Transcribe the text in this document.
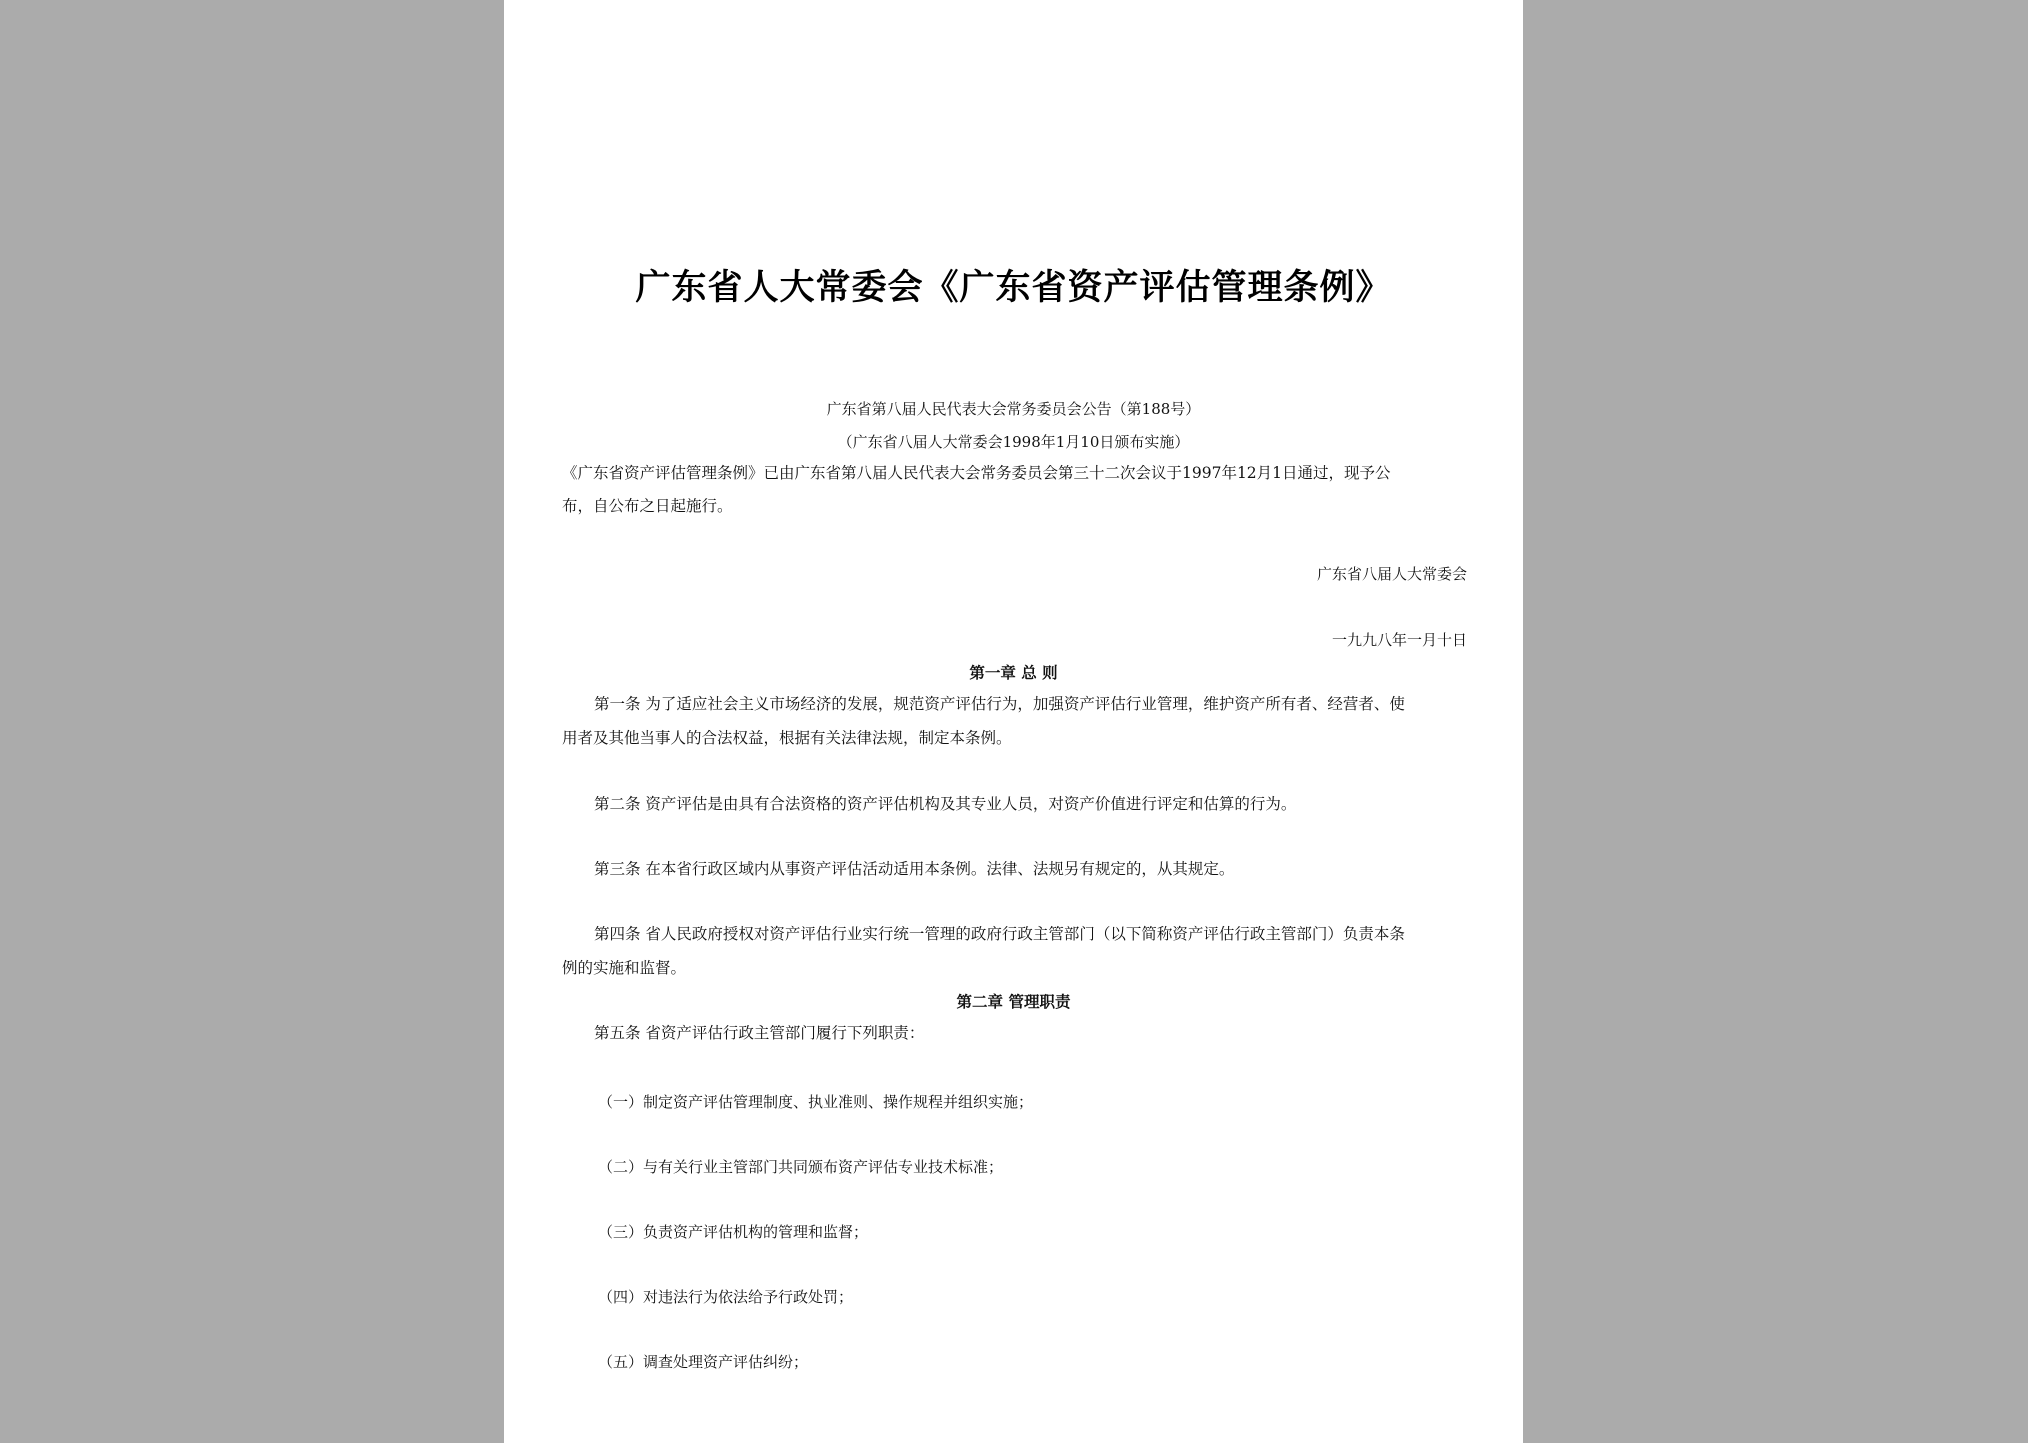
广东省人大常委会《广东省资产评估管理条例》

广东省第八届人民代表大会常务委员会公告（第188号）

（广东省八届人大常委会1998年1月10日颁布实施）

《广东省资产评估管理条例》已由广东省第八届人民代表大会常务委员会第三十二次会议于1997年12月1日通过，现予公

布，自公布之日起施行。

广东省八届人大常委会

一九九八年一月十日

第一章 总 则

第一条 为了适应社会主义市场经济的发展，规范资产评估行为，加强资产评估行业管理，维护资产所有者、经营者、使

用者及其他当事人的合法权益，根据有关法律法规，制定本条例。

第二条 资产评估是由具有合法资格的资产评估机构及其专业人员，对资产价值进行评定和估算的行为。

第三条 在本省行政区域内从事资产评估活动适用本条例。法律、法规另有规定的，从其规定。

第四条 省人民政府授权对资产评估行业实行统一管理的政府行政主管部门（以下简称资产评估行政主管部门）负责本条

例的实施和监督。

第二章 管理职责

第五条 省资产评估行政主管部门履行下列职责：

（一）制定资产评估管理制度、执业准则、操作规程并组织实施；

（二）与有关行业主管部门共同颁布资产评估专业技术标准；

（三）负责资产评估机构的管理和监督；

（四）对违法行为依法给予行政处罚；

（五）调查处理资产评估纠纷；
